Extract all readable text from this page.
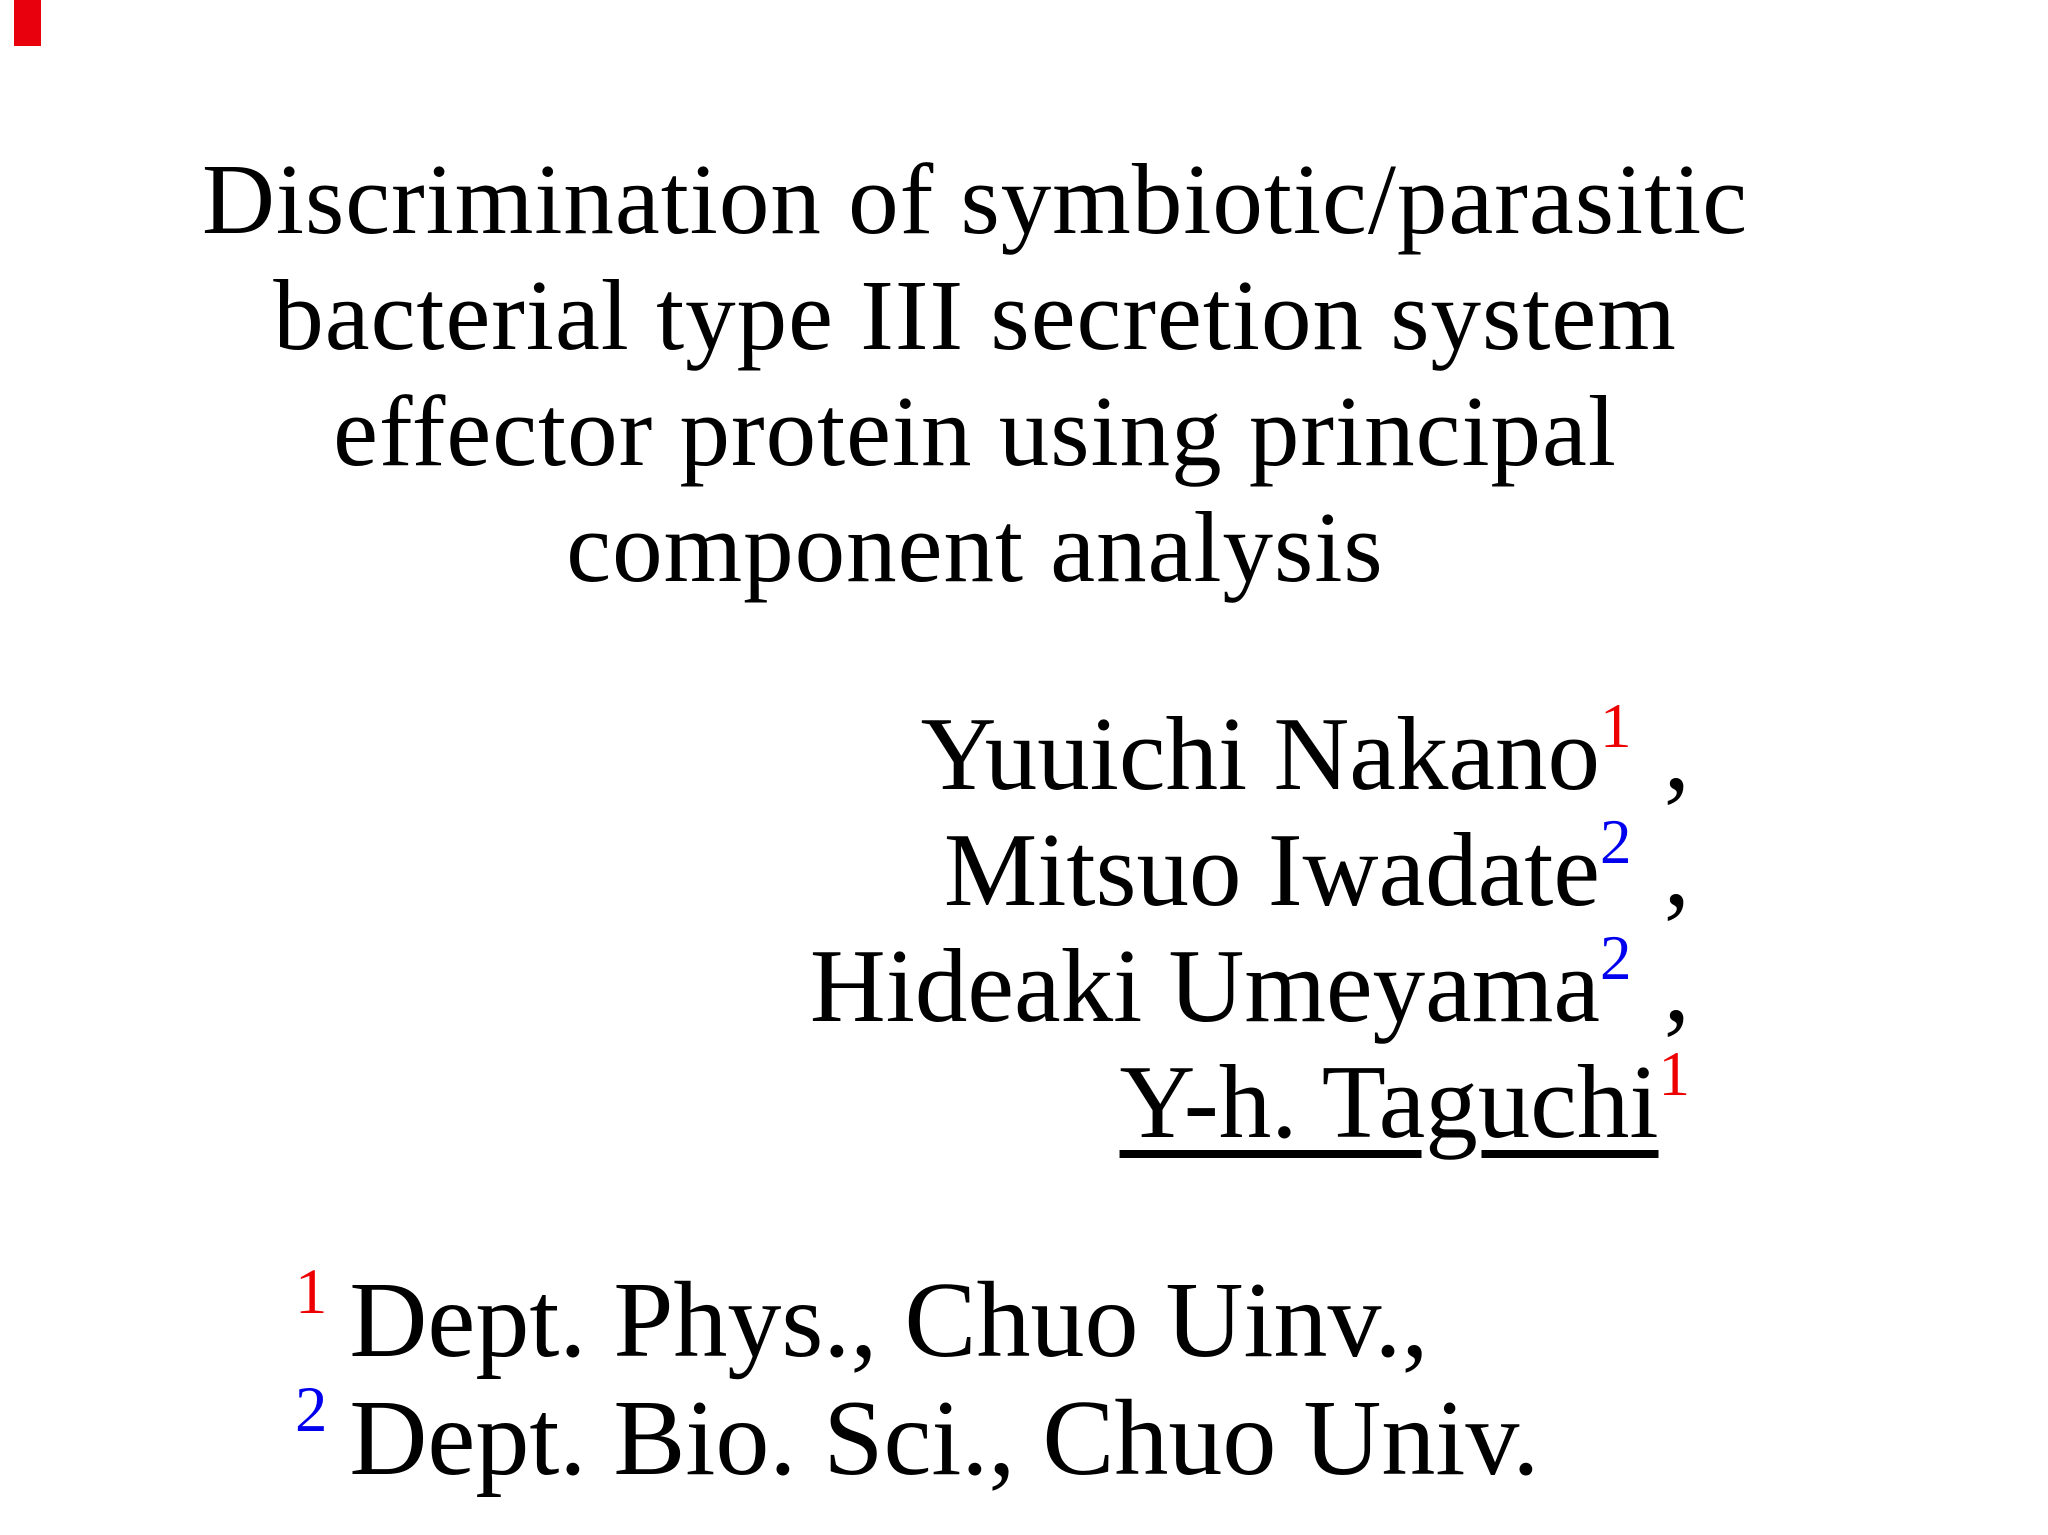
Discrimination of symbiotic/parasitic
bacterial type III secretion system
effector protein using principal
component analysis
Yuuichi Nakano1 ,
Mitsuo Iwadate2 ,
Hideaki Umeyama2 ,
Y-h. Taguchi1
1 Dept. Phys., Chuo Uinv.,
2 Dept. Bio. Sci., Chuo Univ.
